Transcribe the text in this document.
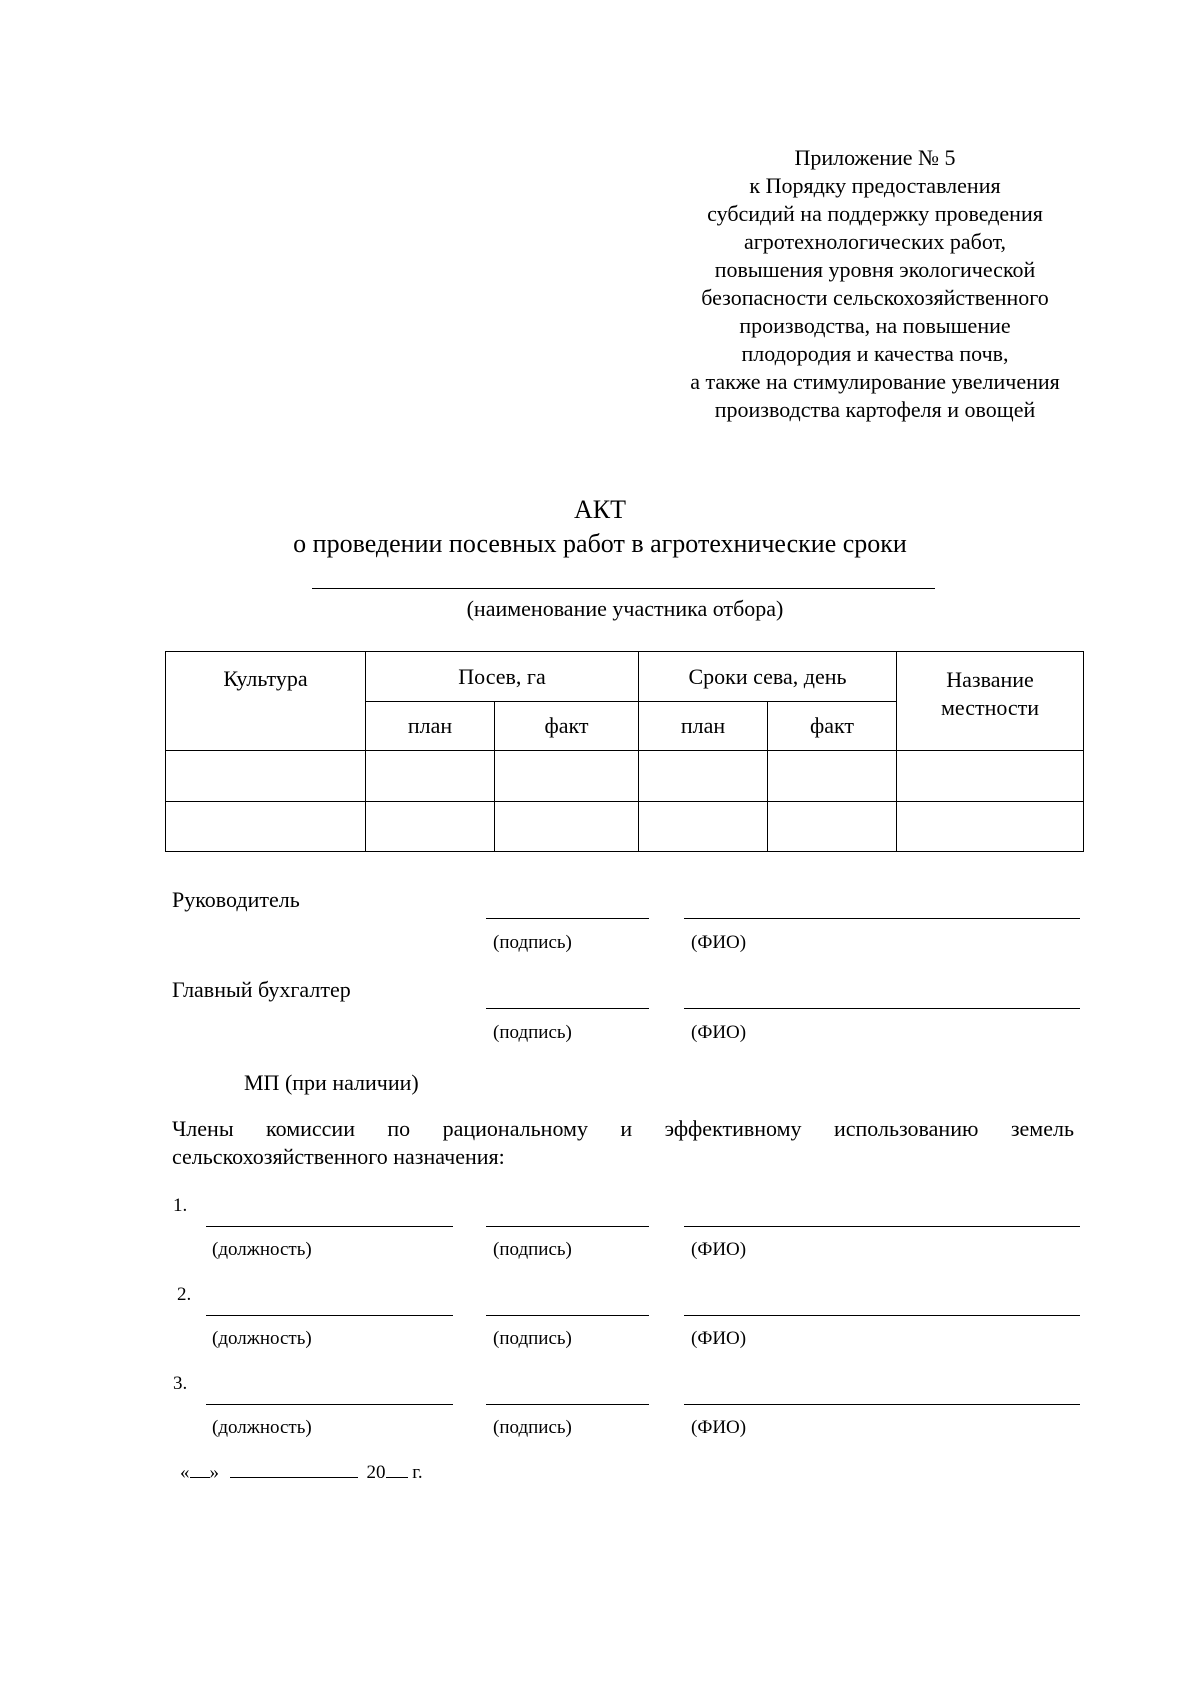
Приложение № 5
к Порядку предоставления
субсидий на поддержку проведения
агротехнологических работ,
повышения уровня экологической
безопасности сельскохозяйственного
производства, на повышение
плодородия и качества почв,
а также на стимулирование увеличения
производства картофеля и овощей
АКТ
о проведении посевных работ в агротехнические сроки
(наименование участника отбора)
Культура	Посев, га		Сроки сева, день		Название местности
	план	факт	план	факт	

Руководитель
(подпись)	(ФИО)
Главный бухгалтер
(подпись)	(ФИО)
МП (при наличии)
Члены комиссии по рациональному и эффективному использованию земель сельскохозяйственного назначения:
1.
(должность)	(подпись)	(ФИО)
2.
(должность)	(подпись)	(ФИО)
3.
(должность)	(подпись)	(ФИО)
« »	20 г.
